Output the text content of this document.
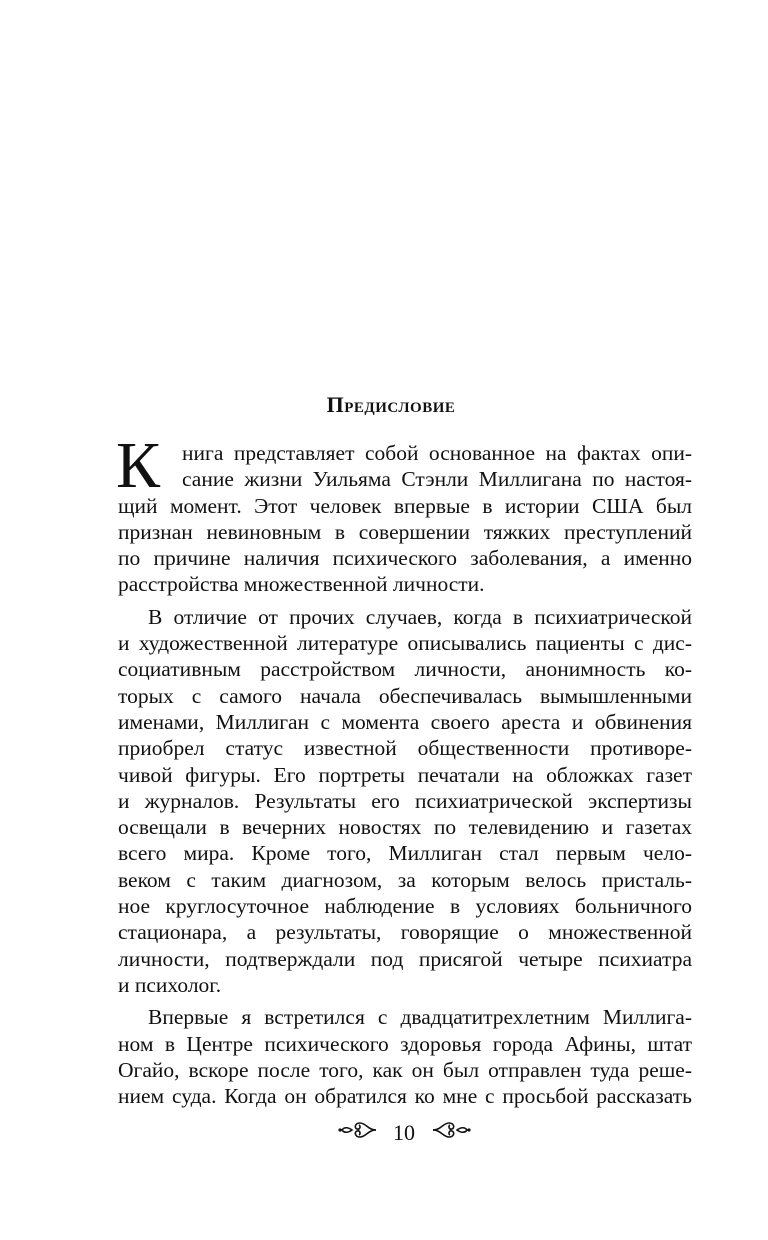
Предисловие
К нига представляет собой основанное на фактах опи-
сание жизни Уильяма Стэнли Миллигана по настоя-
щий момент. Этот человек впервые в истории США был
признан невиновным в совершении тяжких преступлений
по причине наличия психического заболевания, а именно
расстройства множественной личности.
В отличие от прочих случаев, когда в психиатрической
и художественной литературе описывались пациенты с дис-
социативным расстройством личности, анонимность ко-
торых с самого начала обеспечивалась вымышленными
именами, Миллиган с момента своего ареста и обвинения
приобрел статус известной общественности противоре-
чивой фигуры. Его портреты печатали на обложках газет
и журналов. Результаты его психиатрической экспертизы
освещали в вечерних новостях по телевидению и газетах
всего мира. Кроме того, Миллиган стал первым чело-
веком с таким диагнозом, за которым велось присталь-
ное круглосуточное наблюдение в условиях больничного
стационара, а результаты, говорящие о множественной
личности, подтверждали под присягой четыре психиатра
и психолог.
Впервые я встретился с двадцатитрехлетним Миллига-
ном в Центре психического здоровья города Афины, штат
Огайо, вскоре после того, как он был отправлен туда реше-
нием суда. Когда он обратился ко мне с просьбой рассказать
10
